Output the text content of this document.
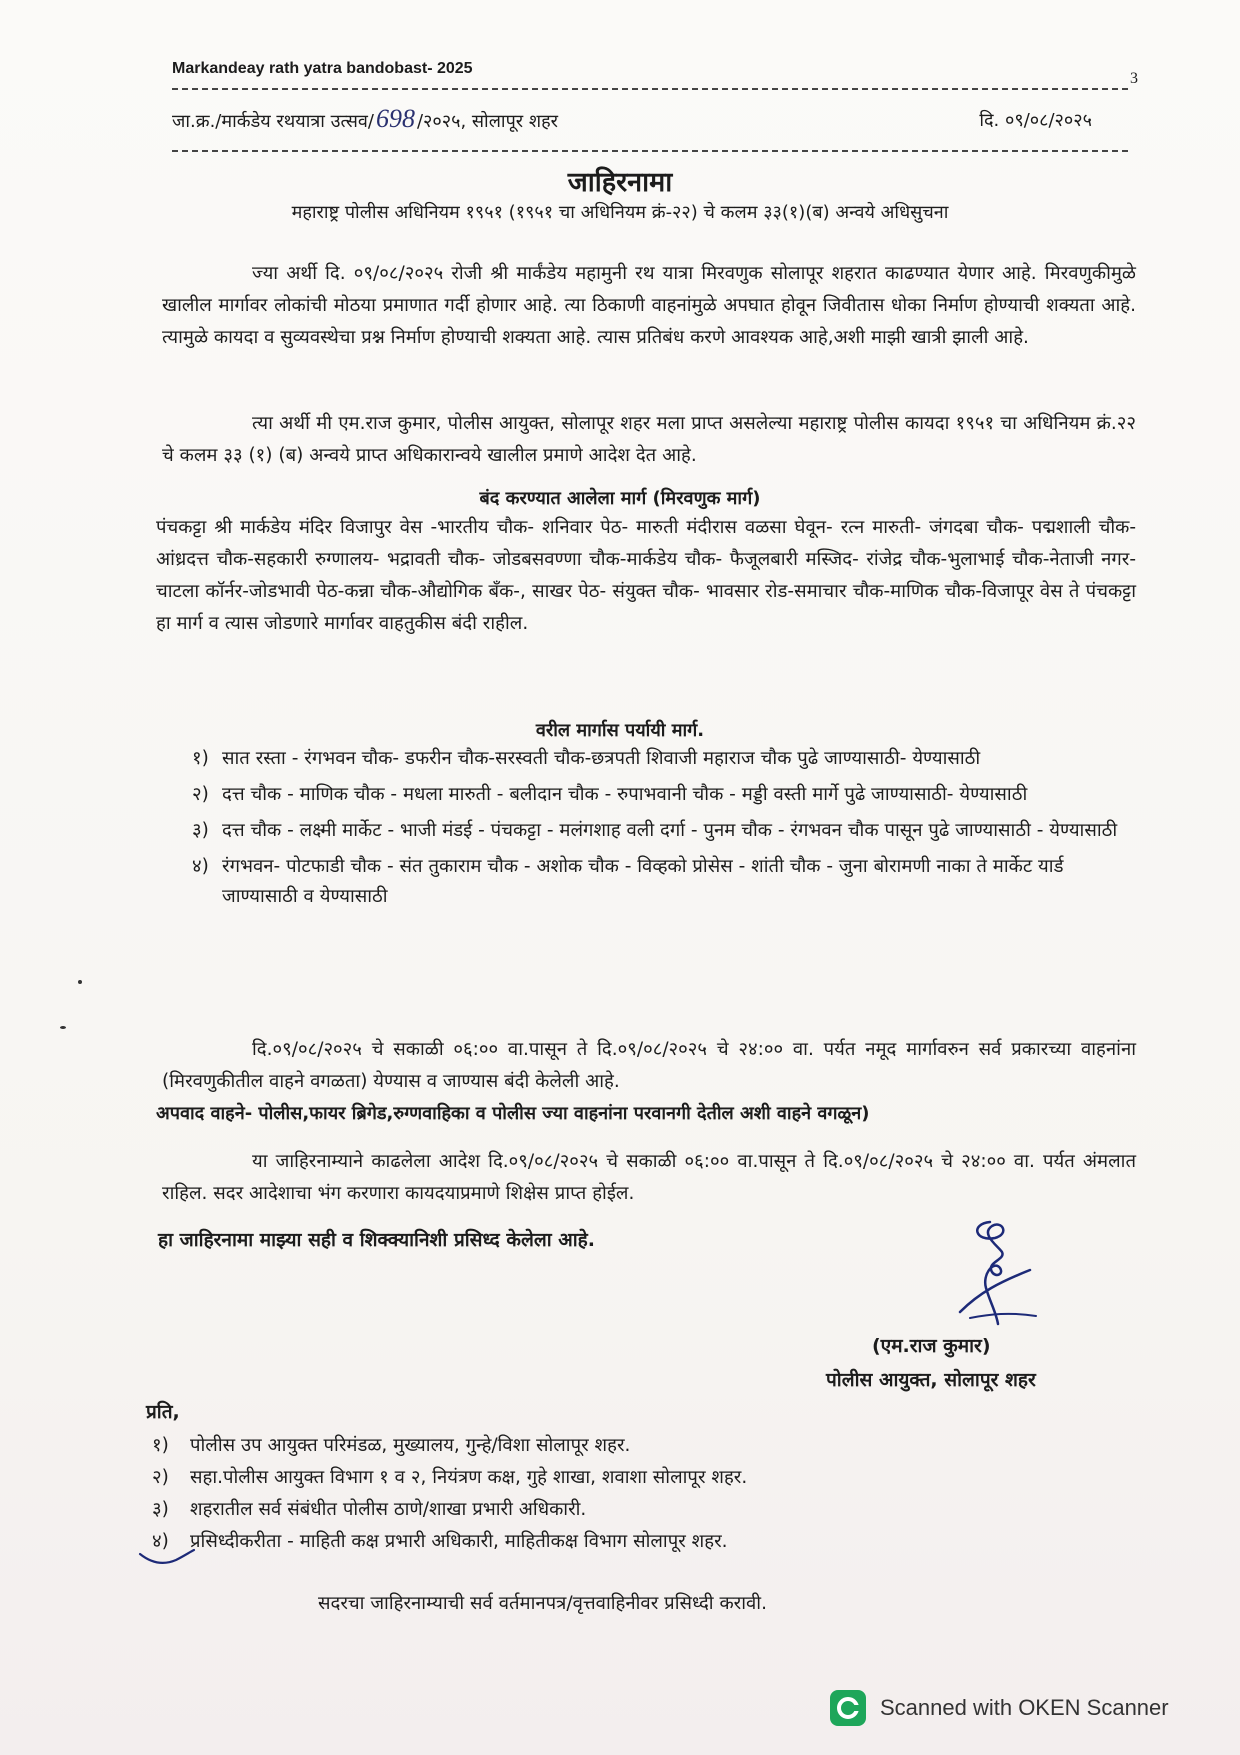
Markandeay rath yatra bandobast- 2025
3
जा.क्र./मार्कडेय रथयात्रा उत्सव/698 /२०२५, सोलापूर शहर	दि. ०९/०८/२०२५
जाहिरनामा
महाराष्ट्र पोलीस अधिनियम १९५१ (१९५१ चा अधिनियम क्रं-२२) चे कलम ३३(१)(ब) अन्वये अधिसुचना
ज्या अर्थी दि. ०९/०८/२०२५ रोजी श्री मार्कंडेय महामुनी रथ यात्रा मिरवणुक सोलापूर शहरात काढण्यात येणार आहे. मिरवणुकीमुळे खालील मार्गावर लोकांची मोठया प्रमाणात गर्दी होणार आहे. त्या ठिकाणी वाहनांमुळे अपघात होवून जिवीतास धोका निर्माण होण्याची शक्यता आहे. त्यामुळे कायदा व सुव्यवस्थेचा प्रश्न निर्माण होण्याची शक्यता आहे. त्यास प्रतिबंध करणे आवश्यक आहे,अशी माझी खात्री झाली आहे.
त्या अर्थी मी एम.राज कुमार, पोलीस आयुक्त, सोलापूर शहर मला प्राप्त असलेल्या महाराष्ट्र पोलीस कायदा १९५१ चा अधिनियम क्रं.२२ चे कलम ३३ (१) (ब) अन्वये प्राप्त अधिकारान्वये खालील प्रमाणे आदेश देत आहे.
बंद करण्यात आलेला मार्ग (मिरवणुक मार्ग)
पंचकट्टा श्री मार्कडेय मंदिर विजापुर वेस -भारतीय चौक- शनिवार पेठ- मारुती मंदीरास वळसा घेवून- रत्न मारुती- जंगदबा चौक- पद्मशाली चौक-आंध्रदत्त चौक-सहकारी रुग्णालय- भद्रावती चौक- जोडबसवण्णा चौक-मार्कडेय चौक- फैजूलबारी मस्जिद- रांजेद्र चौक-भुलाभाई चौक-नेताजी नगर-चाटला कॉर्नर-जोडभावी पेठ-कन्ना चौक-औद्योगिक बॅंक-, साखर पेठ- संयुक्त चौक- भावसार रोड-समाचार चौक-माणिक चौक-विजापूर वेस ते पंचकट्टा हा मार्ग व त्यास जोडणारे मार्गावर वाहतुकीस बंदी राहील.
वरील मार्गास पर्यायी मार्ग.
१) सात रस्ता - रंगभवन चौक- डफरीन चौक-सरस्वती चौक-छत्रपती शिवाजी महाराज चौक पुढे जाण्यासाठी- येण्यासाठी
२) दत्त चौक - माणिक चौक - मधला मारुती - बलीदान चौक - रुपाभवानी चौक - मड्डी वस्ती मार्गे पुढे जाण्यासाठी- येण्यासाठी
३) दत्त चौक - लक्ष्मी मार्केट - भाजी मंडई - पंचकट्टा - मलंगशाह वली दर्गा - पुनम चौक - रंगभवन चौक पासून पुढे जाण्यासाठी - येण्यासाठी
४) रंगभवन- पोटफाडी चौक - संत तुकाराम चौक - अशोक चौक - विव्हको प्रोसेस - शांती चौक - जुना बोरामणी नाका ते मार्केट यार्ड जाण्यासाठी व येण्यासाठी
दि.०९/०८/२०२५ चे सकाळी ०६:०० वा.पासून ते दि.०९/०८/२०२५ चे २४:०० वा. पर्यत नमूद मार्गावरुन सर्व प्रकारच्या वाहनांना (मिरवणुकीतील वाहने वगळता) येण्यास व जाण्यास बंदी केलेली आहे.
अपवाद वाहने- पोलीस,फायर ब्रिगेड,रुग्णवाहिका व पोलीस ज्या वाहनांना परवानगी देतील अशी वाहने वगळून)
या जाहिरनाम्याने काढलेला आदेश दि.०९/०८/२०२५ चे सकाळी ०६:०० वा.पासून ते दि.०९/०८/२०२५ चे २४:०० वा. पर्यत अंमलात राहिल. सदर आदेशाचा भंग करणारा कायदयाप्रमाणे शिक्षेस प्राप्त होईल.
हा जाहिरनामा माझ्या सही व शिक्क्यानिशी प्रसिध्द केलेला आहे.
(एम.राज कुमार)
पोलीस आयुक्त, सोलापूर शहर
प्रति,
१)	पोलीस उप आयुक्त परिमंडळ, मुख्यालय, गुन्हे/विशा सोलापूर शहर.
२)	सहा.पोलीस आयुक्त विभाग १ व २, नियंत्रण कक्ष, गुहे शाखा, शवाशा सोलापूर शहर.
३)	शहरातील सर्व संबंधीत पोलीस ठाणे/शाखा प्रभारी अधिकारी.
४)	प्रसिध्दीकरीता - माहिती कक्ष प्रभारी अधिकारी, माहितीकक्ष विभाग सोलापूर शहर.
सदरचा जाहिरनाम्याची सर्व वर्तमानपत्र/वृत्तवाहिनीवर प्रसिध्दी करावी.
Scanned with OKEN Scanner
